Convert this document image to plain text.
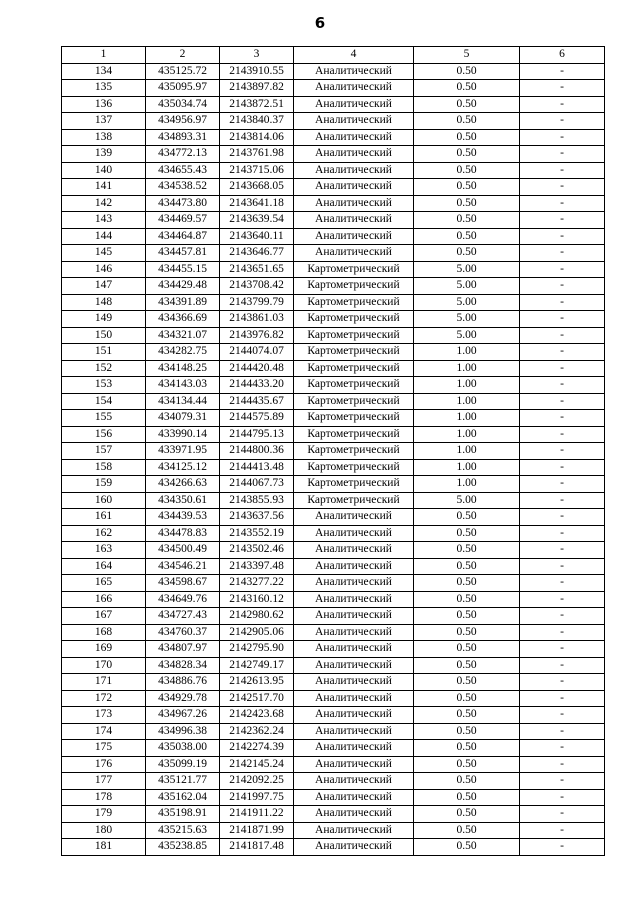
6
1	2	3	4	5	6
134	435125.72	2143910.55	Аналитический	0.50	-
135	435095.97	2143897.82	Аналитический	0.50	-
136	435034.74	2143872.51	Аналитический	0.50	-
137	434956.97	2143840.37	Аналитический	0.50	-
138	434893.31	2143814.06	Аналитический	0.50	-
139	434772.13	2143761.98	Аналитический	0.50	-
140	434655.43	2143715.06	Аналитический	0.50	-
141	434538.52	2143668.05	Аналитический	0.50	-
142	434473.80	2143641.18	Аналитический	0.50	-
143	434469.57	2143639.54	Аналитический	0.50	-
144	434464.87	2143640.11	Аналитический	0.50	-
145	434457.81	2143646.77	Аналитический	0.50	-
146	434455.15	2143651.65	Картометрический	5.00	-
147	434429.48	2143708.42	Картометрический	5.00	-
148	434391.89	2143799.79	Картометрический	5.00	-
149	434366.69	2143861.03	Картометрический	5.00	-
150	434321.07	2143976.82	Картометрический	5.00	-
151	434282.75	2144074.07	Картометрический	1.00	-
152	434148.25	2144420.48	Картометрический	1.00	-
153	434143.03	2144433.20	Картометрический	1.00	-
154	434134.44	2144435.67	Картометрический	1.00	-
155	434079.31	2144575.89	Картометрический	1.00	-
156	433990.14	2144795.13	Картометрический	1.00	-
157	433971.95	2144800.36	Картометрический	1.00	-
158	434125.12	2144413.48	Картометрический	1.00	-
159	434266.63	2144067.73	Картометрический	1.00	-
160	434350.61	2143855.93	Картометрический	5.00	-
161	434439.53	2143637.56	Аналитический	0.50	-
162	434478.83	2143552.19	Аналитический	0.50	-
163	434500.49	2143502.46	Аналитический	0.50	-
164	434546.21	2143397.48	Аналитический	0.50	-
165	434598.67	2143277.22	Аналитический	0.50	-
166	434649.76	2143160.12	Аналитический	0.50	-
167	434727.43	2142980.62	Аналитический	0.50	-
168	434760.37	2142905.06	Аналитический	0.50	-
169	434807.97	2142795.90	Аналитический	0.50	-
170	434828.34	2142749.17	Аналитический	0.50	-
171	434886.76	2142613.95	Аналитический	0.50	-
172	434929.78	2142517.70	Аналитический	0.50	-
173	434967.26	2142423.68	Аналитический	0.50	-
174	434996.38	2142362.24	Аналитический	0.50	-
175	435038.00	2142274.39	Аналитический	0.50	-
176	435099.19	2142145.24	Аналитический	0.50	-
177	435121.77	2142092.25	Аналитический	0.50	-
178	435162.04	2141997.75	Аналитический	0.50	-
179	435198.91	2141911.22	Аналитический	0.50	-
180	435215.63	2141871.99	Аналитический	0.50	-
181	435238.85	2141817.48	Аналитический	0.50	-
